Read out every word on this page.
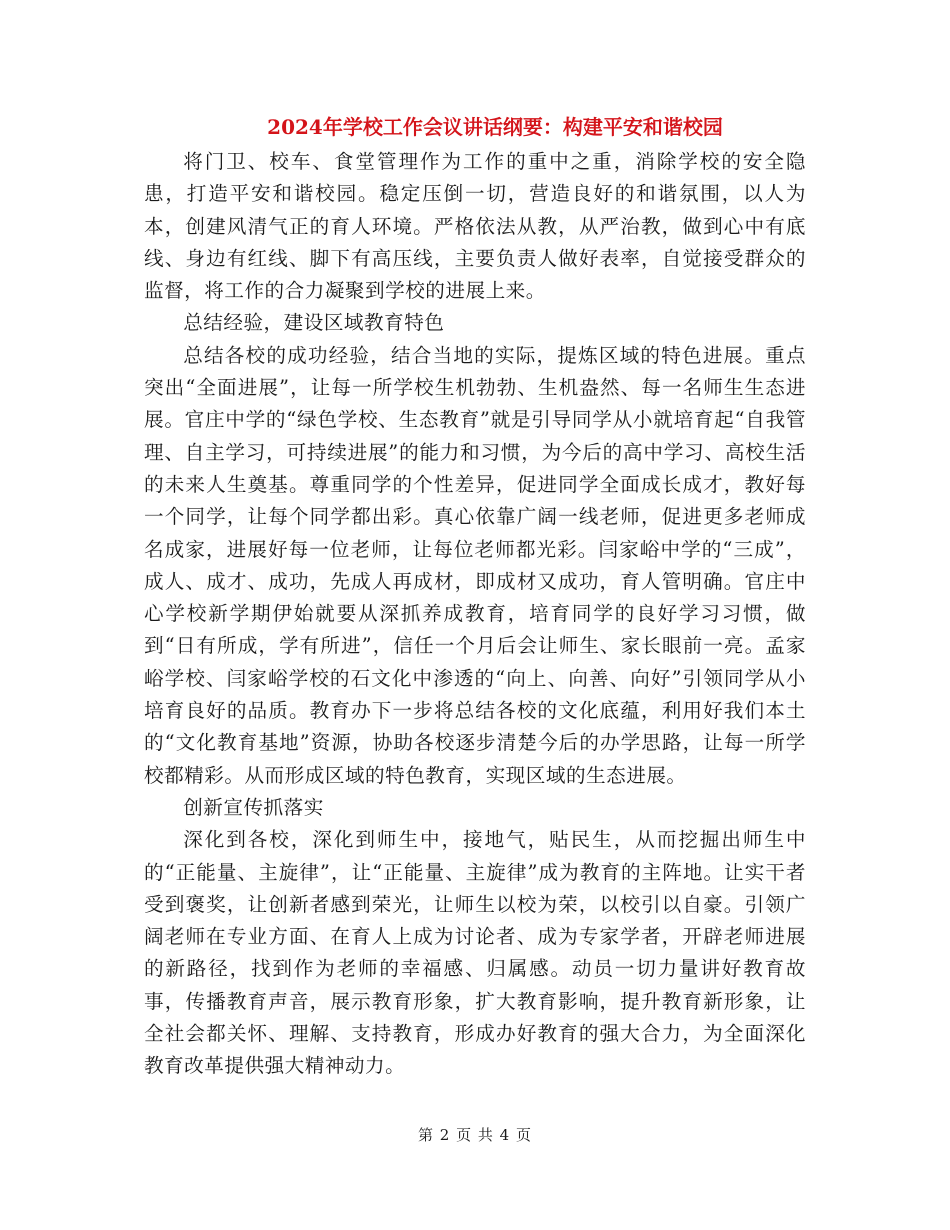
2024年学校工作会议讲话纲要：构建平安和谐校园

将门卫、校车、食堂管理作为工作的重中之重，消除学校的安全隐患，打造平安和谐校园。稳定压倒一切，营造良好的和谐氛围，以人为本，创建风清气正的育人环境。严格依法从教，从严治教，做到心中有底线、身边有红线、脚下有高压线，主要负责人做好表率，自觉接受群众的监督，将工作的合力凝聚到学校的进展上来。

总结经验，建设区域教育特色

总结各校的成功经验，结合当地的实际，提炼区域的特色进展。重点突出“全面进展”，让每一所学校生机勃勃、生机盎然、每一名师生生态进展。官庄中学的“绿色学校、生态教育”就是引导同学从小就培育起“自我管理、自主学习，可持续进展”的能力和习惯，为今后的高中学习、高校生活的未来人生奠基。尊重同学的个性差异，促进同学全面成长成才，教好每一个同学，让每个同学都出彩。真心依靠广阔一线老师，促进更多老师成名成家，进展好每一位老师，让每位老师都光彩。闫家峪中学的“三成”，成人、成才、成功，先成人再成材，即成材又成功，育人管明确。官庄中心学校新学期伊始就要从深抓养成教育，培育同学的良好学习习惯，做到“日有所成，学有所进”，信任一个月后会让师生、家长眼前一亮。孟家峪学校、闫家峪学校的石文化中渗透的“向上、向善、向好”引领同学从小培育良好的品质。教育办下一步将总结各校的文化底蕴，利用好我们本土的“文化教育基地”资源，协助各校逐步清楚今后的办学思路，让每一所学校都精彩。从而形成区域的特色教育，实现区域的生态进展。

创新宣传抓落实

深化到各校，深化到师生中，接地气，贴民生，从而挖掘出师生中的“正能量、主旋律”，让“正能量、主旋律”成为教育的主阵地。让实干者受到褒奖，让创新者感到荣光，让师生以校为荣，以校引以自豪。引领广阔老师在专业方面、在育人上成为讨论者、成为专家学者，开辟老师进展的新路径，找到作为老师的幸福感、归属感。动员一切力量讲好教育故事，传播教育声音，展示教育形象，扩大教育影响，提升教育新形象，让全社会都关怀、理解、支持教育，形成办好教育的强大合力，为全面深化教育改革提供强大精神动力。

第 2 页 共 4 页
